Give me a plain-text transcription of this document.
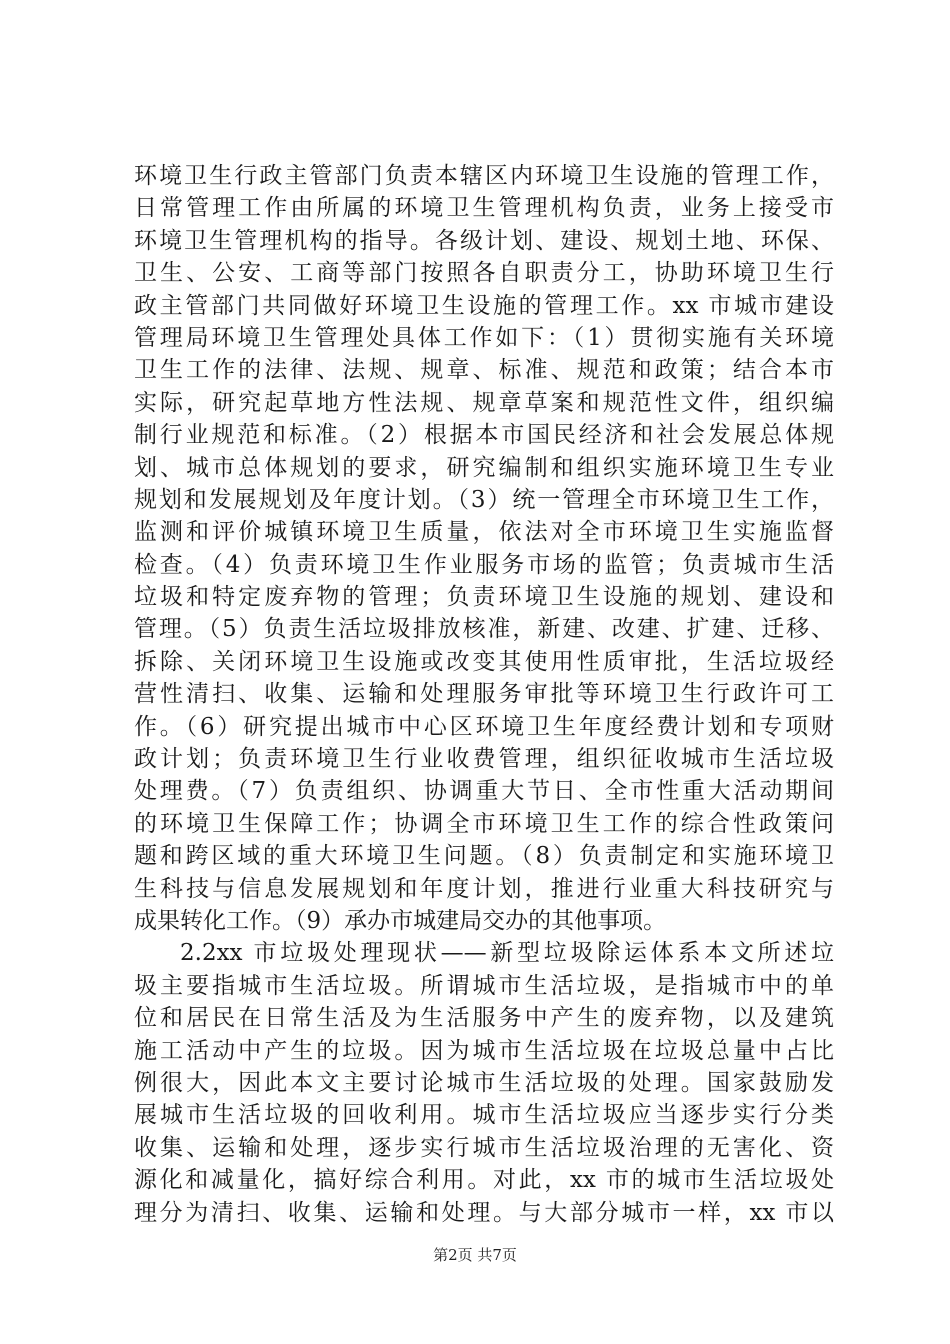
环境卫生行政主管部门负责本辖区内环境卫生设施的管理工作，
日常管理工作由所属的环境卫生管理机构负责，业务上接受市
环境卫生管理机构的指导。各级计划、建设、规划土地、环保、
卫生、公安、工商等部门按照各自职责分工，协助环境卫生行
政主管部门共同做好环境卫生设施的管理工作。xx 市城市建设
管理局环境卫生管理处具体工作如下：（1）贯彻实施有关环境
卫生工作的法律、法规、规章、标准、规范和政策；结合本市
实际，研究起草地方性法规、规章草案和规范性文件，组织编
制行业规范和标准。（2）根据本市国民经济和社会发展总体规
划、城市总体规划的要求，研究编制和组织实施环境卫生专业
规划和发展规划及年度计划。（3）统一管理全市环境卫生工作，
监测和评价城镇环境卫生质量，依法对全市环境卫生实施监督
检查。（4）负责环境卫生作业服务市场的监管；负责城市生活
垃圾和特定废弃物的管理；负责环境卫生设施的规划、建设和
管理。（5）负责生活垃圾排放核准，新建、改建、扩建、迁移、
拆除、关闭环境卫生设施或改变其使用性质审批，生活垃圾经
营性清扫、收集、运输和处理服务审批等环境卫生行政许可工
作。（6）研究提出城市中心区环境卫生年度经费计划和专项财
政计划；负责环境卫生行业收费管理，组织征收城市生活垃圾
处理费。（7）负责组织、协调重大节日、全市性重大活动期间
的环境卫生保障工作；协调全市环境卫生工作的综合性政策问
题和跨区域的重大环境卫生问题。（8）负责制定和实施环境卫
生科技与信息发展规划和年度计划，推进行业重大科技研究与
成果转化工作。（9）承办市城建局交办的其他事项。
2.2xx 市垃圾处理现状——新型垃圾除运体系本文所述垃
圾主要指城市生活垃圾。所谓城市生活垃圾，是指城市中的单
位和居民在日常生活及为生活服务中产生的废弃物，以及建筑
施工活动中产生的垃圾。因为城市生活垃圾在垃圾总量中占比
例很大，因此本文主要讨论城市生活垃圾的处理。国家鼓励发
展城市生活垃圾的回收利用。城市生活垃圾应当逐步实行分类
收集、运输和处理，逐步实行城市生活垃圾治理的无害化、资
源化和减量化，搞好综合利用。对此，xx 市的城市生活垃圾处
理分为清扫、收集、运输和处理。与大部分城市一样，xx 市以
第2页 共7页
